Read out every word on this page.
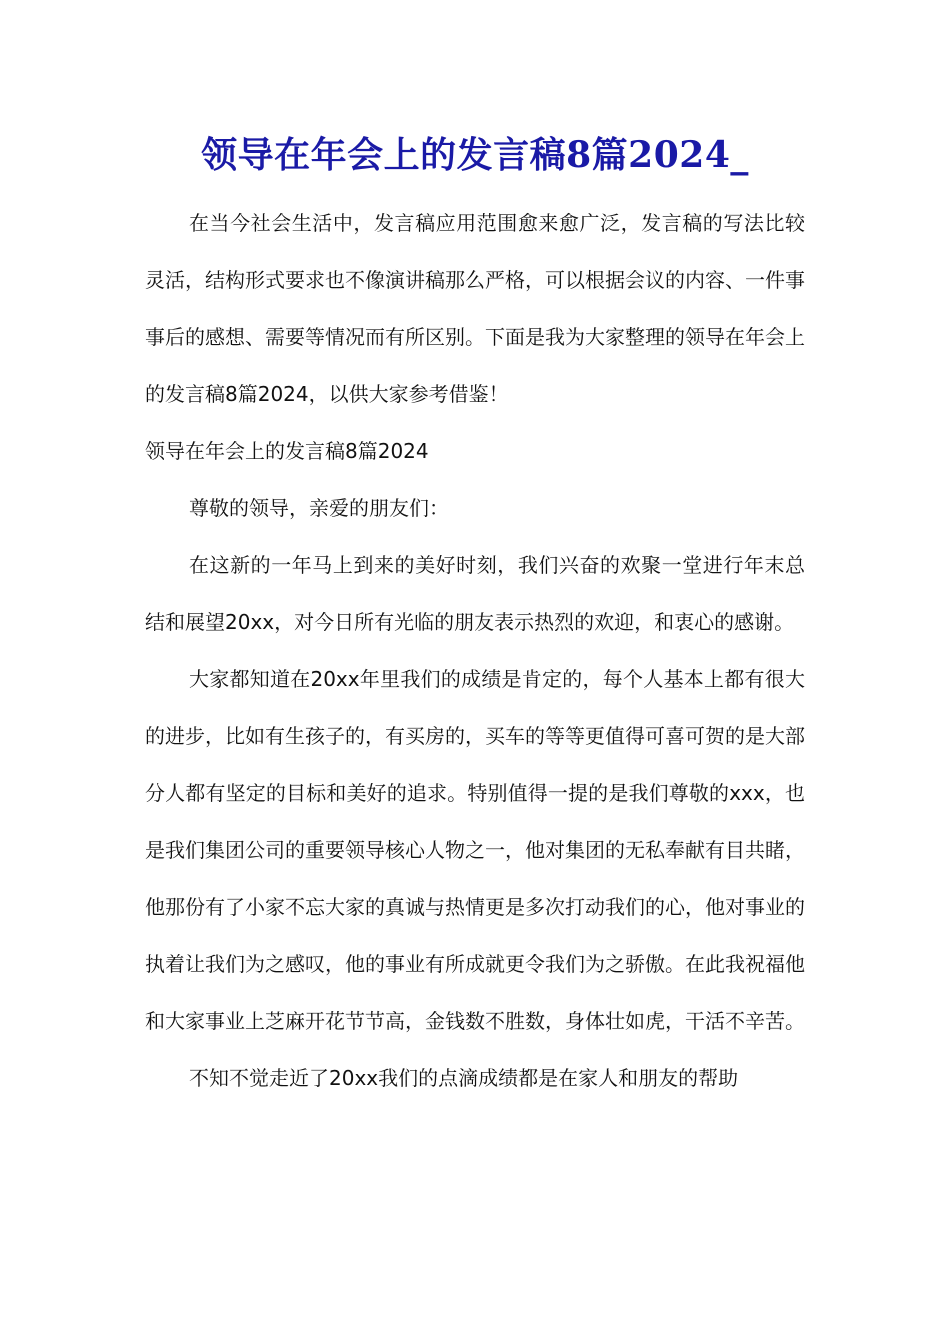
领导在年会上的发言稿8篇2024_

在当今社会生活中，发言稿应用范围愈来愈广泛，发言稿的写法比较灵活，结构形式要求也不像演讲稿那么严格，可以根据会议的内容、一件事事后的感想、需要等情况而有所区别。下面是我为大家整理的领导在年会上的发言稿8篇2024，以供大家参考借鉴！

领导在年会上的发言稿8篇2024

尊敬的领导，亲爱的朋友们：

在这新的一年马上到来的美好时刻，我们兴奋的欢聚一堂进行年末总结和展望20xx，对今日所有光临的朋友表示热烈的欢迎，和衷心的感谢。

大家都知道在20xx年里我们的成绩是肯定的，每个人基本上都有很大的进步，比如有生孩子的，有买房的，买车的等等更值得可喜可贺的是大部分人都有坚定的目标和美好的追求。特别值得一提的是我们尊敬的xxx，也是我们集团公司的重要领导核心人物之一，他对集团的无私奉献有目共睹，他那份有了小家不忘大家的真诚与热情更是多次打动我们的心，他对事业的执着让我们为之感叹，他的事业有所成就更令我们为之骄傲。在此我祝福他和大家事业上芝麻开花节节高，金钱数不胜数，身体壮如虎，干活不辛苦。

不知不觉走近了20xx我们的点滴成绩都是在家人和朋友的帮助
